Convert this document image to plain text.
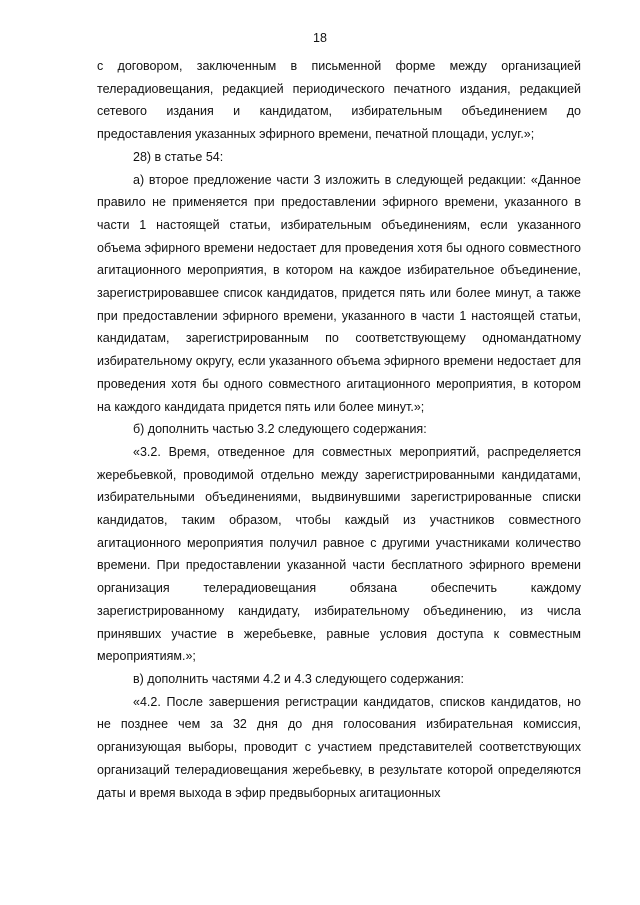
18

с договором, заключенным в письменной форме между организацией телерадиовещания, редакцией периодического печатного издания, редакцией сетевого издания и кандидатом, избирательным объединением до предоставления указанных эфирного времени, печатной площади, услуг.»;

28) в статье 54:

а) второе предложение части 3 изложить в следующей редакции: «Данное правило не применяется при предоставлении эфирного времени, указанного в части 1 настоящей статьи, избирательным объединениям, если указанного объема эфирного времени недостает для проведения хотя бы одного совместного агитационного мероприятия, в котором на каждое избирательное объединение, зарегистрировавшее список кандидатов, придется пять или более минут, а также при предоставлении эфирного времени, указанного в части 1 настоящей статьи, кандидатам, зарегистрированным по соответствующему одномандатному избирательному округу, если указанного объема эфирного времени недостает для проведения хотя бы одного совместного агитационного мероприятия, в котором на каждого кандидата придется пять или более минут.»;

б) дополнить частью 3.2 следующего содержания:

«3.2. Время, отведенное для совместных мероприятий, распределяется жеребьевкой, проводимой отдельно между зарегистрированными кандидатами, избирательными объединениями, выдвинувшими зарегистрированные списки кандидатов, таким образом, чтобы каждый из участников совместного агитационного мероприятия получил равное с другими участниками количество времени. При предоставлении указанной части бесплатного эфирного времени организация телерадиовещания обязана обеспечить каждому зарегистрированному кандидату, избирательному объединению, из числа принявших участие в жеребьевке, равные условия доступа к совместным мероприятиям.»;

в) дополнить частями 4.2 и 4.3 следующего содержания:

«4.2. После завершения регистрации кандидатов, списков кандидатов, но не позднее чем за 32 дня до дня голосования избирательная комиссия, организующая выборы, проводит с участием представителей соответствующих организаций телерадиовещания жеребьевку, в результате которой определяются даты и время выхода в эфир предвыборных агитационных
